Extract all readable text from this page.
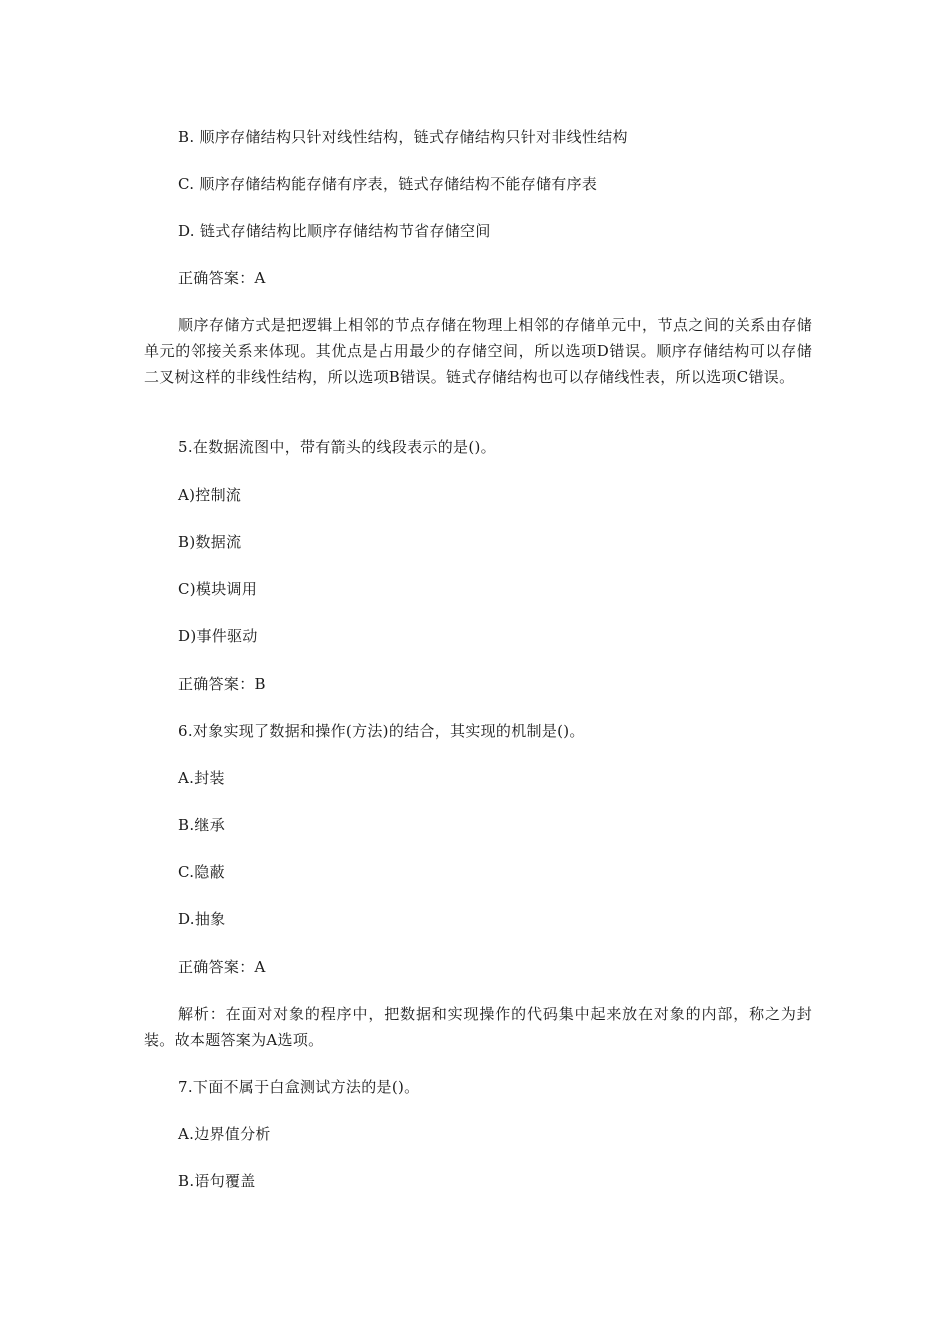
B. 顺序存储结构只针对线性结构，链式存储结构只针对非线性结构
C. 顺序存储结构能存储有序表，链式存储结构不能存储有序表
D. 链式存储结构比顺序存储结构节省存储空间
正确答案：A
顺序存储方式是把逻辑上相邻的节点存储在物理上相邻的存储单元中，节点之间的关系由存储单元的邻接关系来体现。其优点是占用最少的存储空间，所以选项D错误。顺序存储结构可以存储二叉树这样的非线性结构，所以选项B错误。链式存储结构也可以存储线性表，所以选项C错误。
5.在数据流图中，带有箭头的线段表示的是()。
A)控制流
B)数据流
C)模块调用
D)事件驱动
正确答案：B
6.对象实现了数据和操作(方法)的结合，其实现的机制是()。
A.封装
B.继承
C.隐蔽
D.抽象
正确答案：A
解析：在面对对象的程序中，把数据和实现操作的代码集中起来放在对象的内部，称之为封装。故本题答案为A选项。
7.下面不属于白盒测试方法的是()。
A.边界值分析
B.语句覆盖
